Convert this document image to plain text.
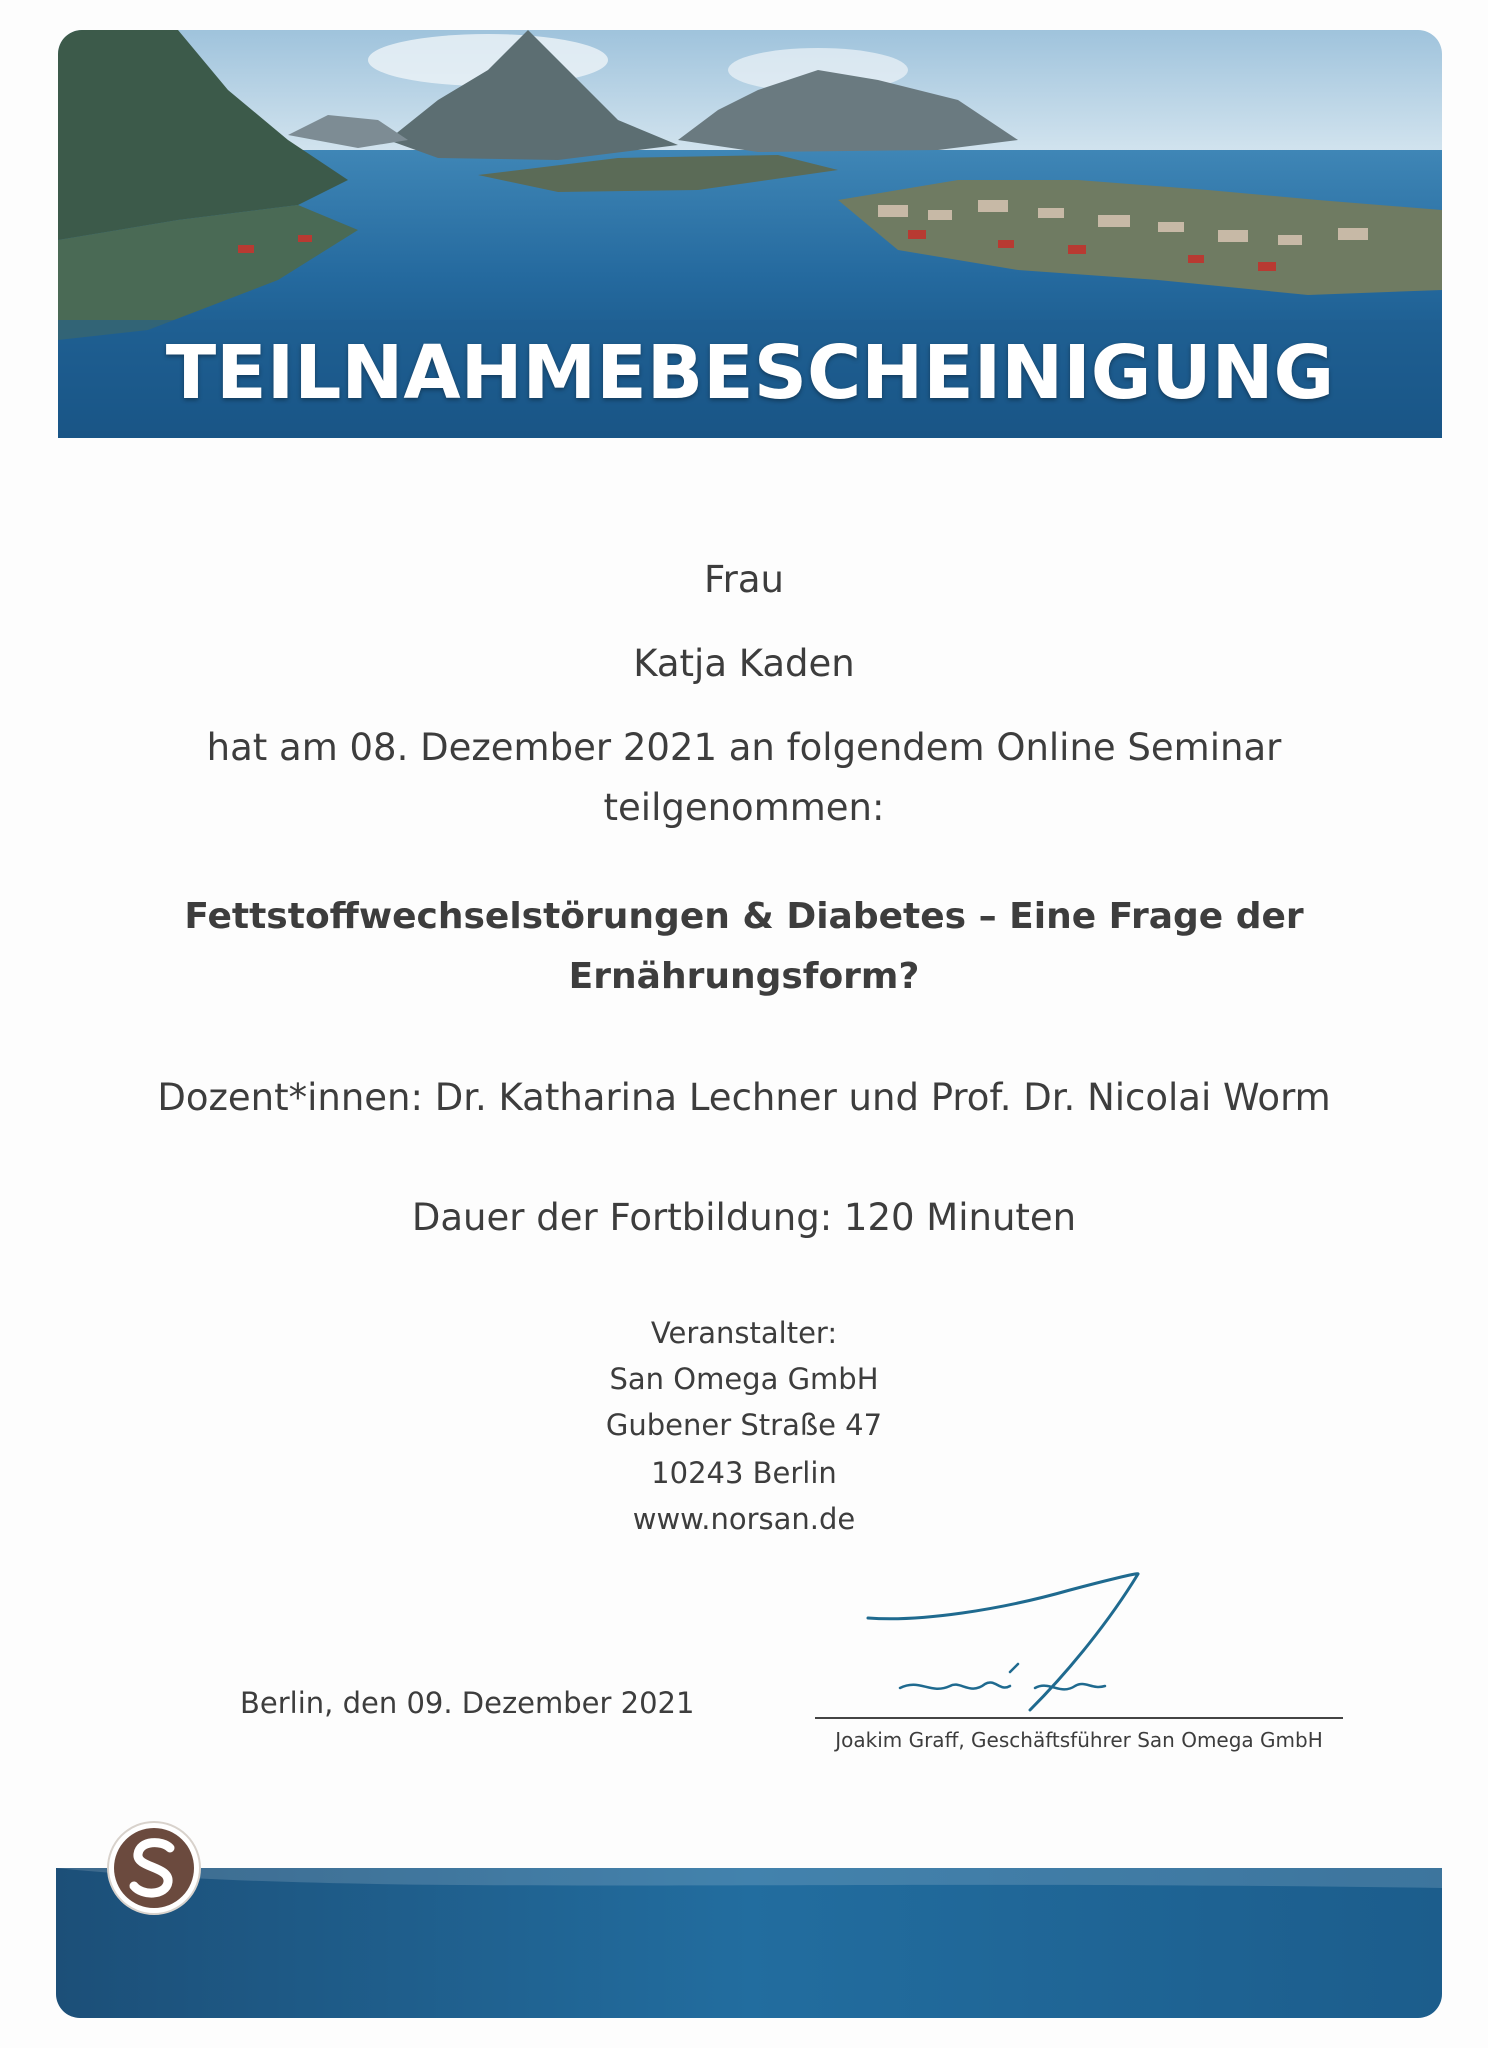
TEILNAHMEBESCHEINIGUNG
Frau
Katja Kaden
hat am 08. Dezember 2021 an folgendem Online Seminar
teilgenommen:
Fettstoffwechselstörungen & Diabetes – Eine Frage der
Ernährungsform?
Dozent*innen: Dr. Katharina Lechner und Prof. Dr. Nicolai Worm
Dauer der Fortbildung: 120 Minuten
Veranstalter:
San Omega GmbH
Gubener Straße 47
10243 Berlin
www.norsan.de
Berlin, den 09. Dezember 2021
Joakim Graff, Geschäftsführer San Omega GmbH
